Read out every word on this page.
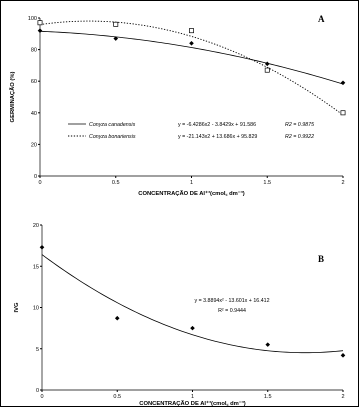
0	0.5	1	1.5	2
0
20
40
60
80
100
CONCENTRAÇÃO DE Al⁺³(cmol꜀ dm⁻³)
GERMINAÇÃO (%)
A
Conyza canadensis	y = -6.4286x2 - 3.8429x + 91.586	R2 = 0.9875
Conyza bonariensis	y = -21.143x2 + 13.686x + 95.829	R2 = 0.9922
0	0.5	1	1.5	2
0
5
10
15
20
CONCENTRAÇÃO DE Al⁺³(cmol꜀ dm⁻³)
IVG
B
y = 3.8894x² - 13.601x + 16.412
R² = 0.9444
